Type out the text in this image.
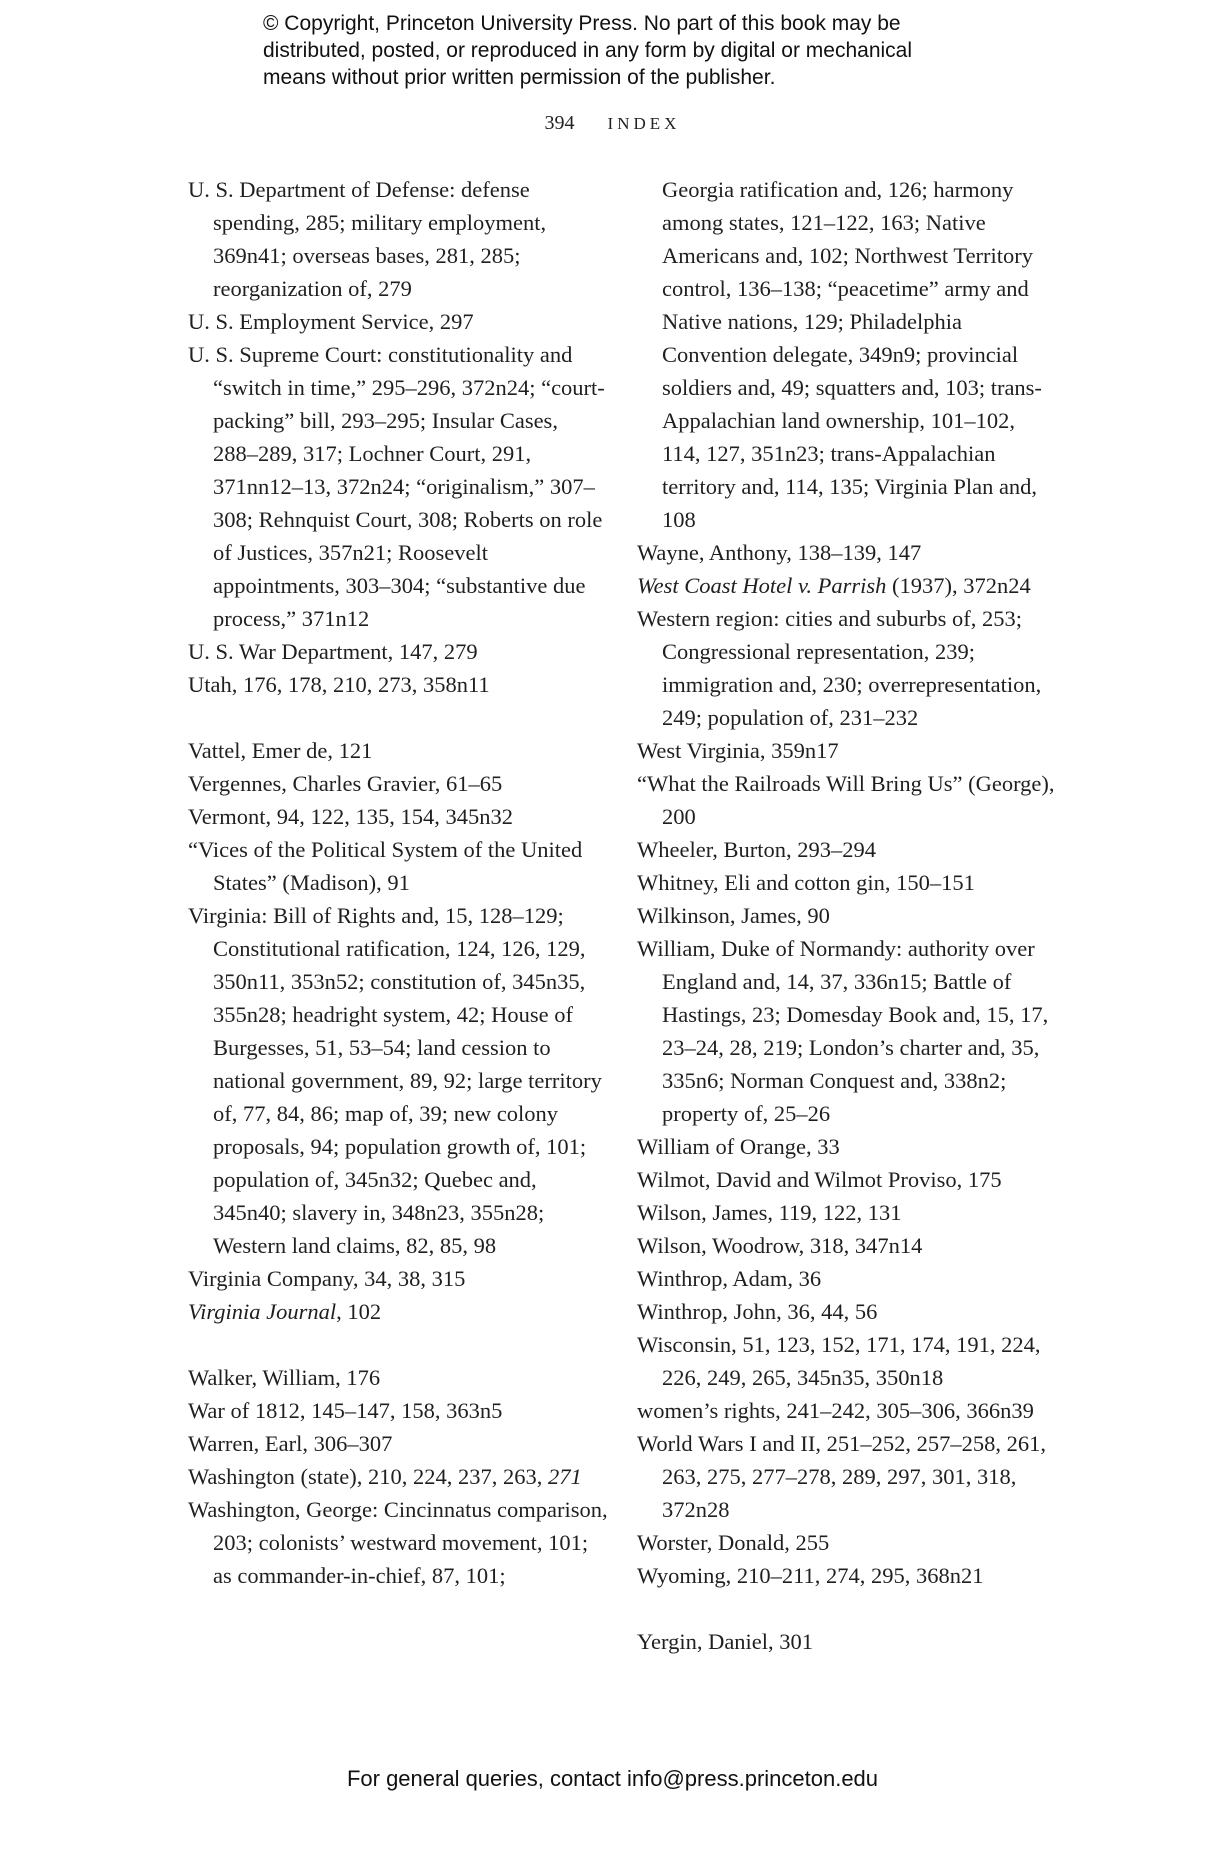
© Copyright, Princeton University Press. No part of this book may be
distributed, posted, or reproduced in any form by digital or mechanical
means without prior written permission of the publisher.
394 INDEX

U. S. Department of Defense: defense spending, 285; military employment, 369n41; overseas bases, 281, 285; reorganization of, 279

U. S. Employment Service, 297

U. S. Supreme Court: constitutionality and “switch in time,” 295–296, 372n24; “court-packing” bill, 293–295; Insular Cases, 288–289, 317; Lochner Court, 291, 371nn12–13, 372n24; “originalism,” 307–308; Rehnquist Court, 308; Roberts on role of Justices, 357n21; Roosevelt appointments, 303–304; “substantive due process,” 371n12

U. S. War Department, 147, 279

Utah, 176, 178, 210, 273, 358n11

Vattel, Emer de, 121

Vergennes, Charles Gravier, 61–65

Vermont, 94, 122, 135, 154, 345n32

“Vices of the Political System of the United States” (Madison), 91

Virginia: Bill of Rights and, 15, 128–129; Constitutional ratification, 124, 126, 129, 350n11, 353n52; constitution of, 345n35, 355n28; headright system, 42; House of Burgesses, 51, 53–54; land cession to national government, 89, 92; large territory of, 77, 84, 86; map of, 39; new colony proposals, 94; population growth of, 101; population of, 345n32; Quebec and, 345n40; slavery in, 348n23, 355n28; Western land claims, 82, 85, 98

Virginia Company, 34, 38, 315

Virginia Journal, 102

Walker, William, 176

War of 1812, 145–147, 158, 363n5

Warren, Earl, 306–307

Washington (state), 210, 224, 237, 263, 271

Washington, George: Cincinnatus comparison, 203; colonists’ westward movement, 101; as commander-in-chief, 87, 101;

Georgia ratification and, 126; harmony among states, 121–122, 163; Native Americans and, 102; Northwest Territory control, 136–138; “peacetime” army and Native nations, 129; Philadelphia Convention delegate, 349n9; provincial soldiers and, 49; squatters and, 103; trans-Appalachian land ownership, 101–102, 114, 127, 351n23; trans-Appalachian territory and, 114, 135; Virginia Plan and, 108

Wayne, Anthony, 138–139, 147

West Coast Hotel v. Parrish (1937), 372n24

Western region: cities and suburbs of, 253; Congressional representation, 239; immigration and, 230; overrepresentation, 249; population of, 231–232

West Virginia, 359n17

“What the Railroads Will Bring Us” (George), 200

Wheeler, Burton, 293–294

Whitney, Eli and cotton gin, 150–151

Wilkinson, James, 90

William, Duke of Normandy: authority over England and, 14, 37, 336n15; Battle of Hastings, 23; Domesday Book and, 15, 17, 23–24, 28, 219; London’s charter and, 35, 335n6; Norman Conquest and, 338n2; property of, 25–26

William of Orange, 33

Wilmot, David and Wilmot Proviso, 175

Wilson, James, 119, 122, 131

Wilson, Woodrow, 318, 347n14

Winthrop, Adam, 36

Winthrop, John, 36, 44, 56

Wisconsin, 51, 123, 152, 171, 174, 191, 224, 226, 249, 265, 345n35, 350n18

women’s rights, 241–242, 305–306, 366n39

World Wars I and II, 251–252, 257–258, 261, 263, 275, 277–278, 289, 297, 301, 318, 372n28

Worster, Donald, 255

Wyoming, 210–211, 274, 295, 368n21

Yergin, Daniel, 301

For general queries, contact info@press.princeton.edu
